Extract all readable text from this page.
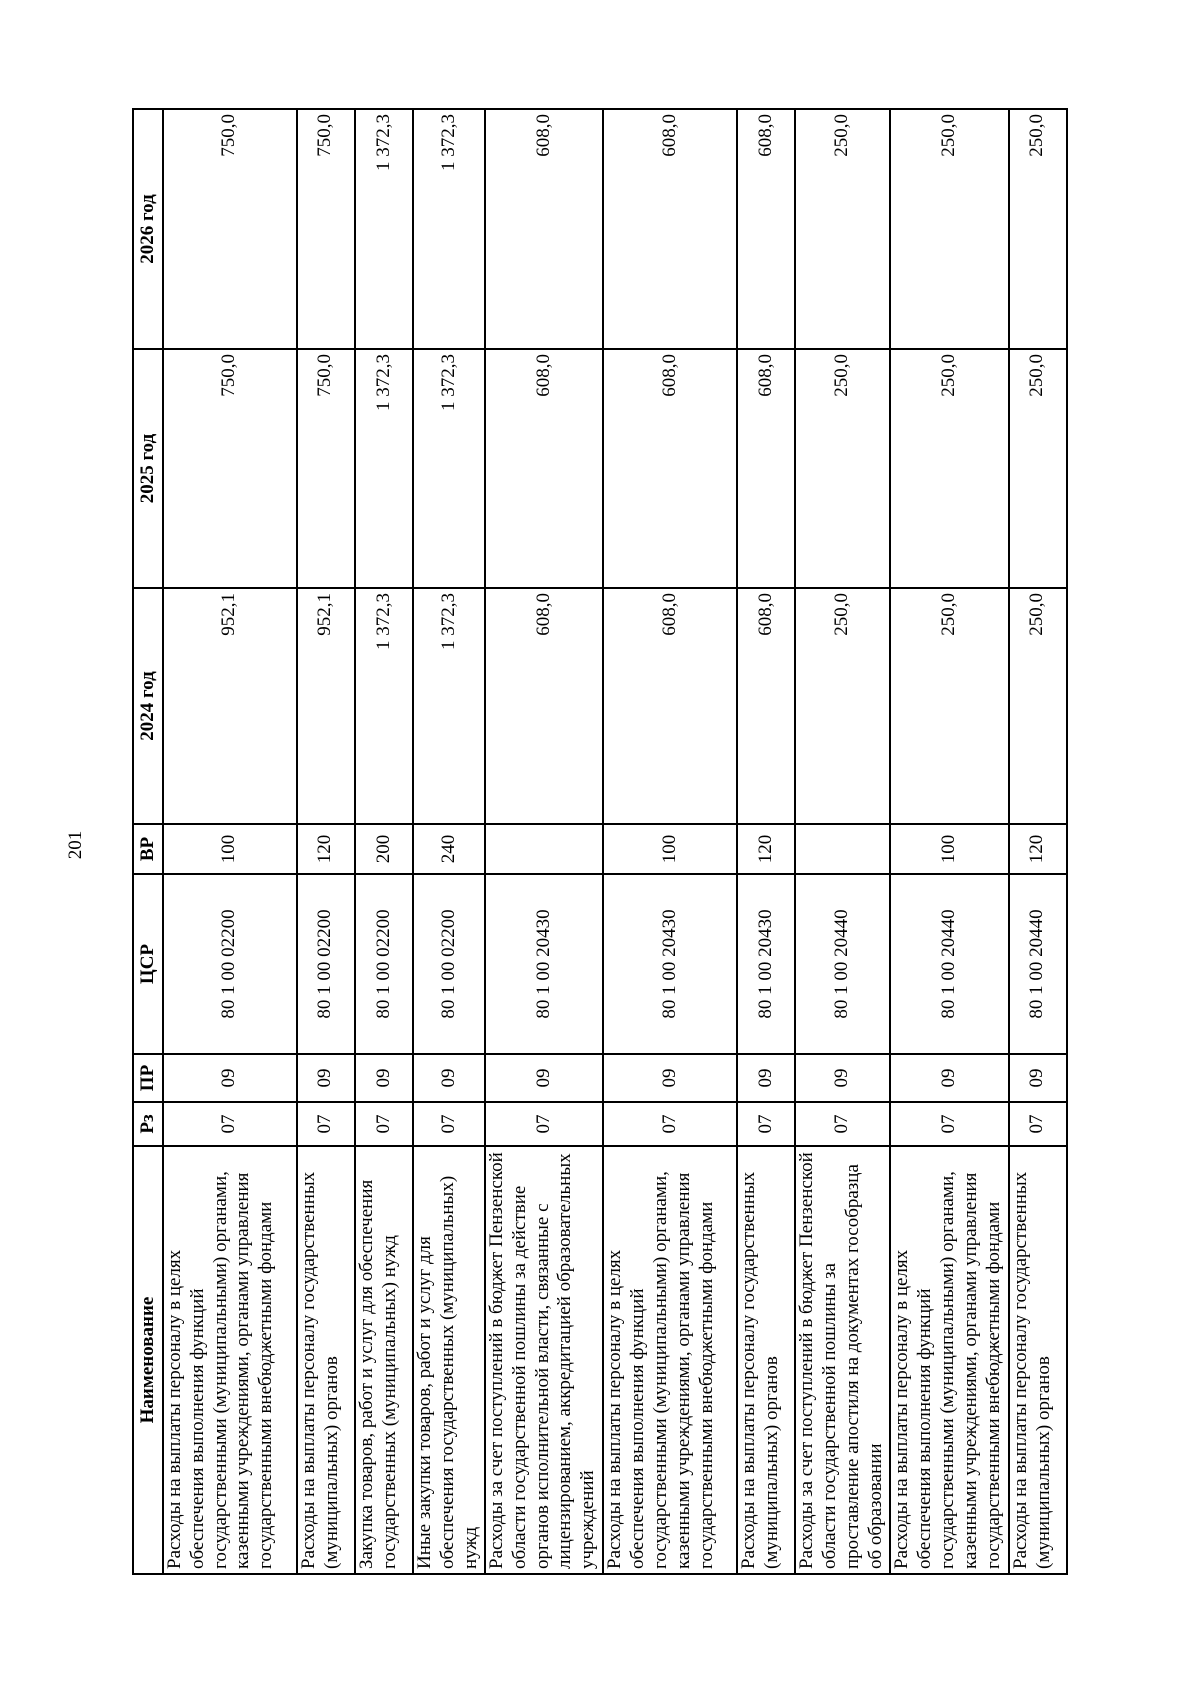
201
Наименование	Рз	ПР	ЦСР	ВР	2024 год	2025 год	2026 год
Расходы на выплаты персоналу в целях обеспечения выполнения функций государственными (муниципальными) органами, казенными учреждениями, органами управления государственными внебюджетными фондами	07	09	80 1 00 02200	100	952,1	750,0	750,0
Расходы на выплаты персоналу государственных (муниципальных) органов	07	09	80 1 00 02200	120	952,1	750,0	750,0
Закупка товаров, работ и услуг для обеспечения государственных (муниципальных) нужд	07	09	80 1 00 02200	200	1 372,3	1 372,3	1 372,3
Иные закупки товаров, работ и услуг для обеспечения государственных (муниципальных) нужд	07	09	80 1 00 02200	240	1 372,3	1 372,3	1 372,3
Расходы за счет поступлений в бюджет Пензенской области государственной пошлины за действие органов исполнительной власти, связанные с лицензированием, аккредитацией образовательных учреждений	07	09	80 1 00 20430		608,0	608,0	608,0
Расходы на выплаты персоналу в целях обеспечения выполнения функций государственными (муниципальными) органами, казенными учреждениями, органами управления государственными внебюджетными фондами	07	09	80 1 00 20430	100	608,0	608,0	608,0
Расходы на выплаты персоналу государственных (муниципальных) органов	07	09	80 1 00 20430	120	608,0	608,0	608,0
Расходы за счет поступлений в бюджет Пензенской области государственной пошлины за проставление апостиля на документах гособразца об образовании	07	09	80 1 00 20440		250,0	250,0	250,0
Расходы на выплаты персоналу в целях обеспечения выполнения функций государственными (муниципальными) органами, казенными учреждениями, органами управления государственными внебюджетными фондами	07	09	80 1 00 20440	100	250,0	250,0	250,0
Расходы на выплаты персоналу государственных (муниципальных) органов	07	09	80 1 00 20440	120	250,0	250,0	250,0
